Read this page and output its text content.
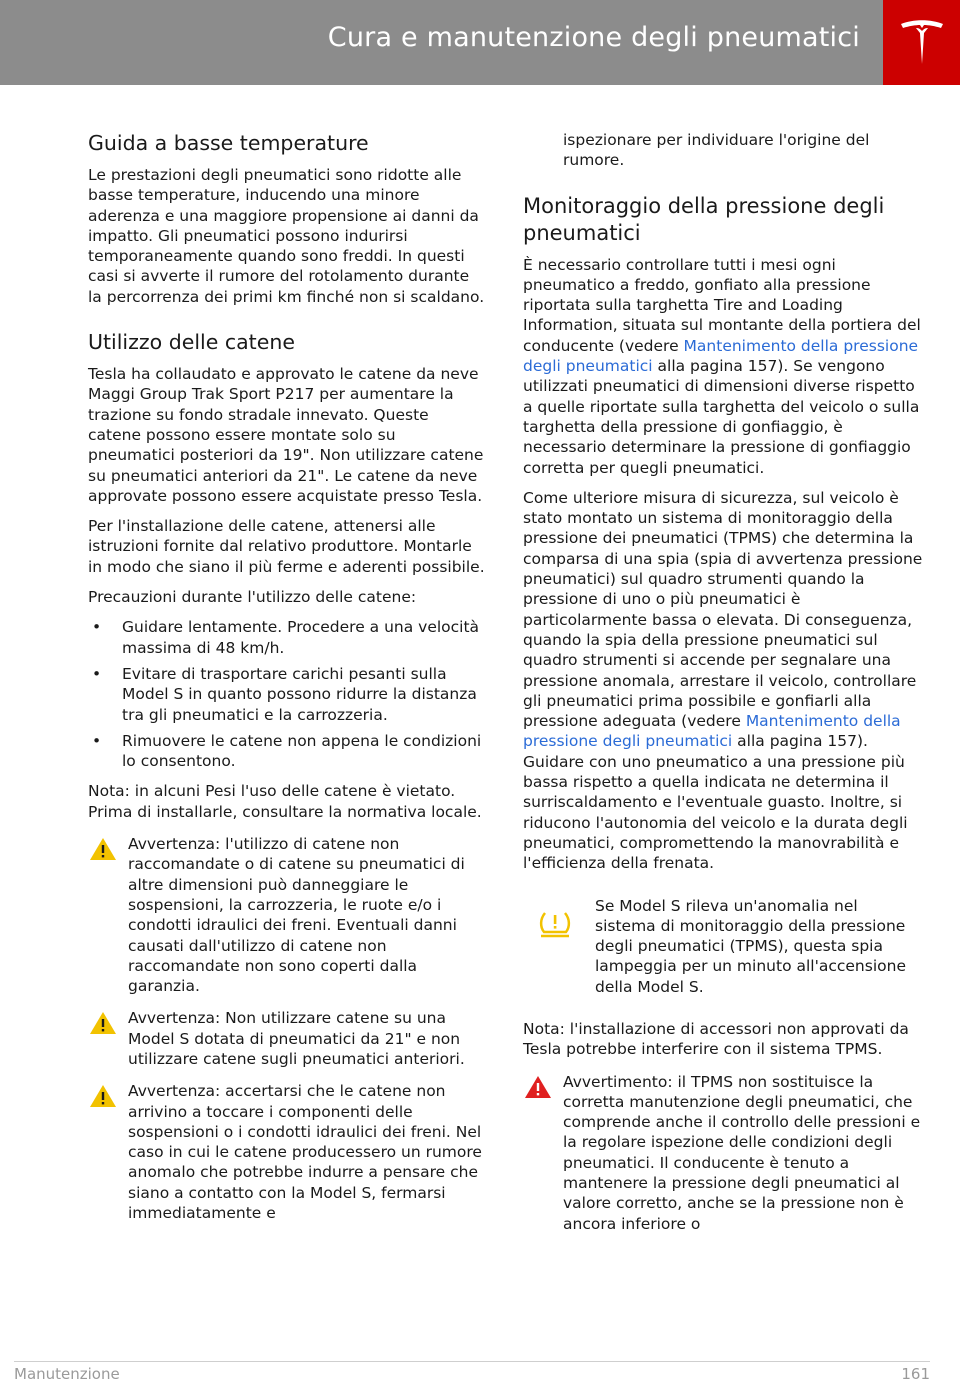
Cura e manutenzione degli pneumatici
Guida a basse temperature

Le prestazioni degli pneumatici sono ridotte alle basse temperature, inducendo una minore aderenza e una maggiore propensione ai danni da impatto. Gli pneumatici possono indurirsi temporaneamente quando sono freddi. In questi casi si avverte il rumore del rotolamento durante la percorrenza dei primi km finché non si scaldano.

Utilizzo delle catene

Tesla ha collaudato e approvato le catene da neve Maggi Group Trak Sport P217 per aumentare la trazione su fondo stradale innevato. Queste catene possono essere montate solo su pneumatici posteriori da 19". Non utilizzare catene su pneumatici anteriori da 21". Le catene da neve approvate possono essere acquistate presso Tesla.

Per l'installazione delle catene, attenersi alle istruzioni fornite dal relativo produttore. Montarle in modo che siano il più ferme e aderenti possibile.

Precauzioni durante l'utilizzo delle catene:

• Guidare lentamente. Procedere a una velocità massima di 48 km/h.
• Evitare di trasportare carichi pesanti sulla Model S in quanto possono ridurre la distanza tra gli pneumatici e la carrozzeria.
• Rimuovere le catene non appena le condizioni lo consentono.

Nota: in alcuni Pesi l'uso delle catene è vietato. Prima di installarle, consultare la normativa locale.

Avvertenza: l'utilizzo di catene non raccomandate o di catene su pneumatici di altre dimensioni può danneggiare le sospensioni, la carrozzeria, le ruote e/o i condotti idraulici dei freni. Eventuali danni causati dall'utilizzo di catene non raccomandate non sono coperti dalla garanzia.

Avvertenza: Non utilizzare catene su una Model S dotata di pneumatici da 21" e non utilizzare catene sugli pneumatici anteriori.

Avvertenza: accertarsi che le catene non arrivino a toccare i componenti delle sospensioni o i condotti idraulici dei freni. Nel caso in cui le catene producessero un rumore anomalo che potrebbe indurre a pensare che siano a contatto con la Model S, fermarsi immediatamente e

ispezionare per individuare l'origine del rumore.

Monitoraggio della pressione degli pneumatici

È necessario controllare tutti i mesi ogni pneumatico a freddo, gonfiato alla pressione riportata sulla targhetta Tire and Loading Information, situata sul montante della portiera del conducente (vedere Mantenimento della pressione degli pneumatici alla pagina 157). Se vengono utilizzati pneumatici di dimensioni diverse rispetto a quelle riportate sulla targhetta del veicolo o sulla targhetta della pressione di gonfiaggio, è necessario determinare la pressione di gonfiaggio corretta per quegli pneumatici.

Come ulteriore misura di sicurezza, sul veicolo è stato montato un sistema di monitoraggio della pressione dei pneumatici (TPMS) che determina la comparsa di una spia (spia di avvertenza pressione pneumatici) sul quadro strumenti quando la pressione di uno o più pneumatici è particolarmente bassa o elevata. Di conseguenza, quando la spia della pressione pneumatici sul quadro strumenti si accende per segnalare una pressione anomala, arrestare il veicolo, controllare gli pneumatici prima possibile e gonfiarli alla pressione adeguata (vedere Mantenimento della pressione degli pneumatici alla pagina 157). Guidare con uno pneumatico a una pressione più bassa rispetto a quella indicata ne determina il surriscaldamento e l'eventuale guasto. Inoltre, si riducono l'autonomia del veicolo e la durata degli pneumatici, compromettendo la manovrabilità e l'efficienza della frenata.

Se Model S rileva un'anomalia nel sistema di monitoraggio della pressione degli pneumatici (TPMS), questa spia lampeggia per un minuto all'accensione della Model S.

Nota: l'installazione di accessori non approvati da Tesla potrebbe interferire con il sistema TPMS.

Avvertimento: il TPMS non sostituisce la corretta manutenzione degli pneumatici, che comprende anche il controllo delle pressioni e la regolare ispezione delle condizioni degli pneumatici. Il conducente è tenuto a mantenere la pressione degli pneumatici al valore corretto, anche se la pressione non è ancora inferiore o

Manutenzione	161
